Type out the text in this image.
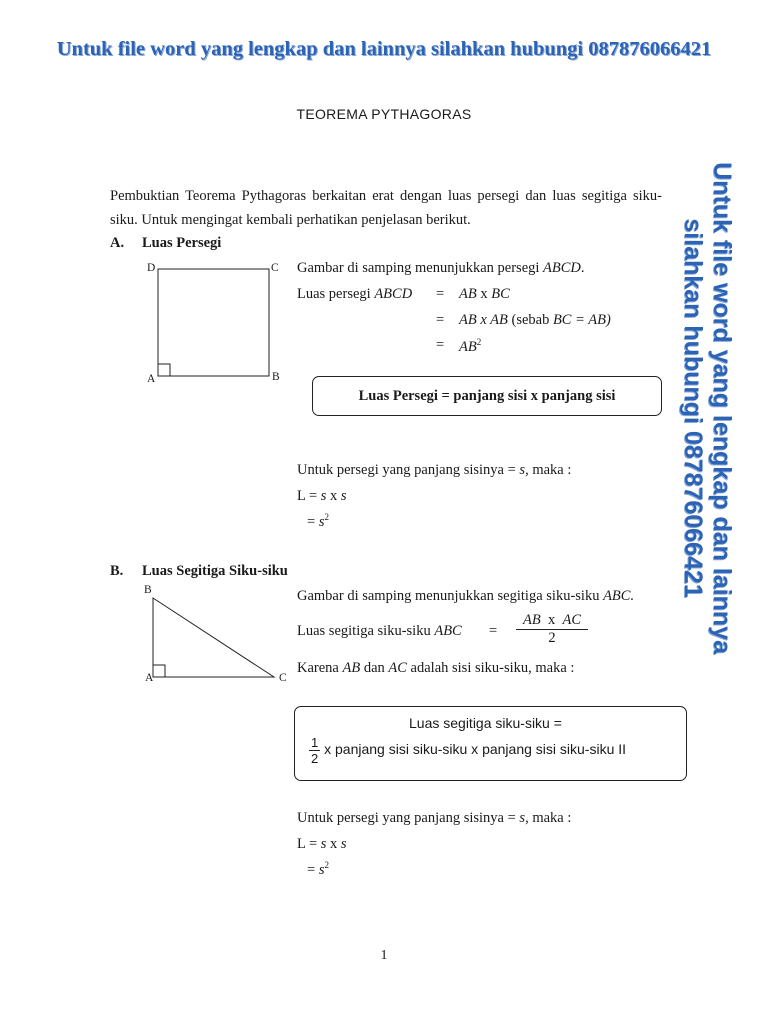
Untuk file word yang lengkap dan lainnya silahkan hubungi 08787606642​1
Untuk file word yang lengkap dan lainnya
silahkan hubungi 087876066421
TEOREMA PYTHAGORAS
Pembuktian Teorema Pythagoras berkaitan erat dengan luas persegi dan luas segitiga siku-siku. Untuk mengingat kembali perhatikan penjelasan berikut.
A. Luas Persegi
D	C
A	B
Gambar di samping menunjukkan persegi ABCD.
Luas persegi ABCD = AB x BC
= AB x AB (sebab BC = AB)
= $AB^2$
Luas Persegi = panjang sisi x panjang sisi
Untuk persegi yang panjang sisinya = s, maka :
L = s x s
= $s^2$
B. Luas Segitiga Siku-siku
B
A	C
Gambar di samping menunjukkan segitiga siku-siku ABC.
Luas segitiga siku-siku ABC = $\frac{\text{AB x AC}}{2}$
Karena AB dan AC adalah sisi siku-siku, maka :
Luas segitiga siku-siku =
$\frac{1}{2}$ x panjang sisi siku-siku x panjang sisi siku-siku II
Untuk persegi yang panjang sisinya = s, maka :
L = s x s
= $s^2$
1
